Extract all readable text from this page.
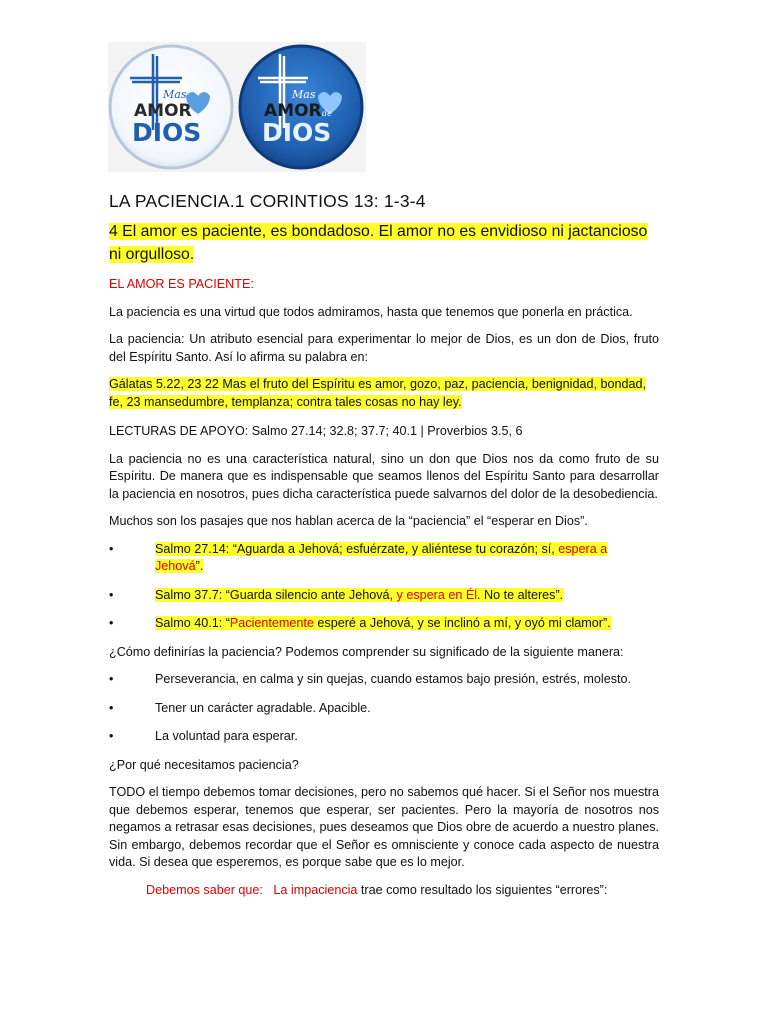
Mas
AMOR
DIOS
Mas
AMOR de
DIOS
LA PACIENCIA.1 CORINTIOS 13: 1-3-4

4 El amor es paciente, es bondadoso. El amor no es envidioso ni jactancioso ni orgulloso.

EL AMOR ES PACIENTE:

La paciencia es una virtud que todos admiramos, hasta que tenemos que ponerla en práctica.

La paciencia: Un atributo esencial para experimentar lo mejor de Dios, es un don de Dios, fruto del Espíritu Santo. Así lo afirma su palabra en:

Gálatas 5.22, 23 22 Mas el fruto del Espíritu es amor, gozo, paz, paciencia, benignidad, bondad, fe, 23 mansedumbre, templanza; contra tales cosas no hay ley.

LECTURAS DE APOYO: Salmo 27.14; 32.8; 37.7; 40.1 | Proverbios 3.5, 6

La paciencia no es una característica natural, sino un don que Dios nos da como fruto de su Espíritu. De manera que es indispensable que seamos llenos del Espíritu Santo para desarrollar la paciencia en nosotros, pues dicha característica puede salvarnos del dolor de la desobediencia.

Muchos son los pasajes que nos hablan acerca de la “paciencia” el “esperar en Dios”.

•	Salmo 27.14: “Aguarda a Jehová; esfuérzate, y aliéntese tu corazón; sí, espera a Jehová”.
•	Salmo 37.7: “Guarda silencio ante Jehová, y espera en Él. No te alteres”.
•	Salmo 40.1: “Pacientemente esperé a Jehová, y se inclinó a mí, y oyó mi clamor”.

¿Cómo definirías la paciencia? Podemos comprender su significado de la siguiente manera:

•	Perseverancia, en calma y sin quejas, cuando estamos bajo presión, estrés, molesto.
•	Tener un carácter agradable. Apacible.
•	La voluntad para esperar.

¿Por qué necesitamos paciencia?

TODO el tiempo debemos tomar decisiones, pero no sabemos qué hacer. Si el Señor nos muestra que debemos esperar, tenemos que esperar, ser pacientes. Pero la mayoría de nosotros nos negamos a retrasar esas decisiones, pues deseamos que Dios obre de acuerdo a nuestro planes. Sin embargo, debemos recordar que el Señor es omnisciente y conoce cada aspecto de nuestra vida. Si desea que esperemos, es porque sabe que es lo mejor.

Debemos saber que: La impaciencia trae como resultado los siguientes “errores”:
